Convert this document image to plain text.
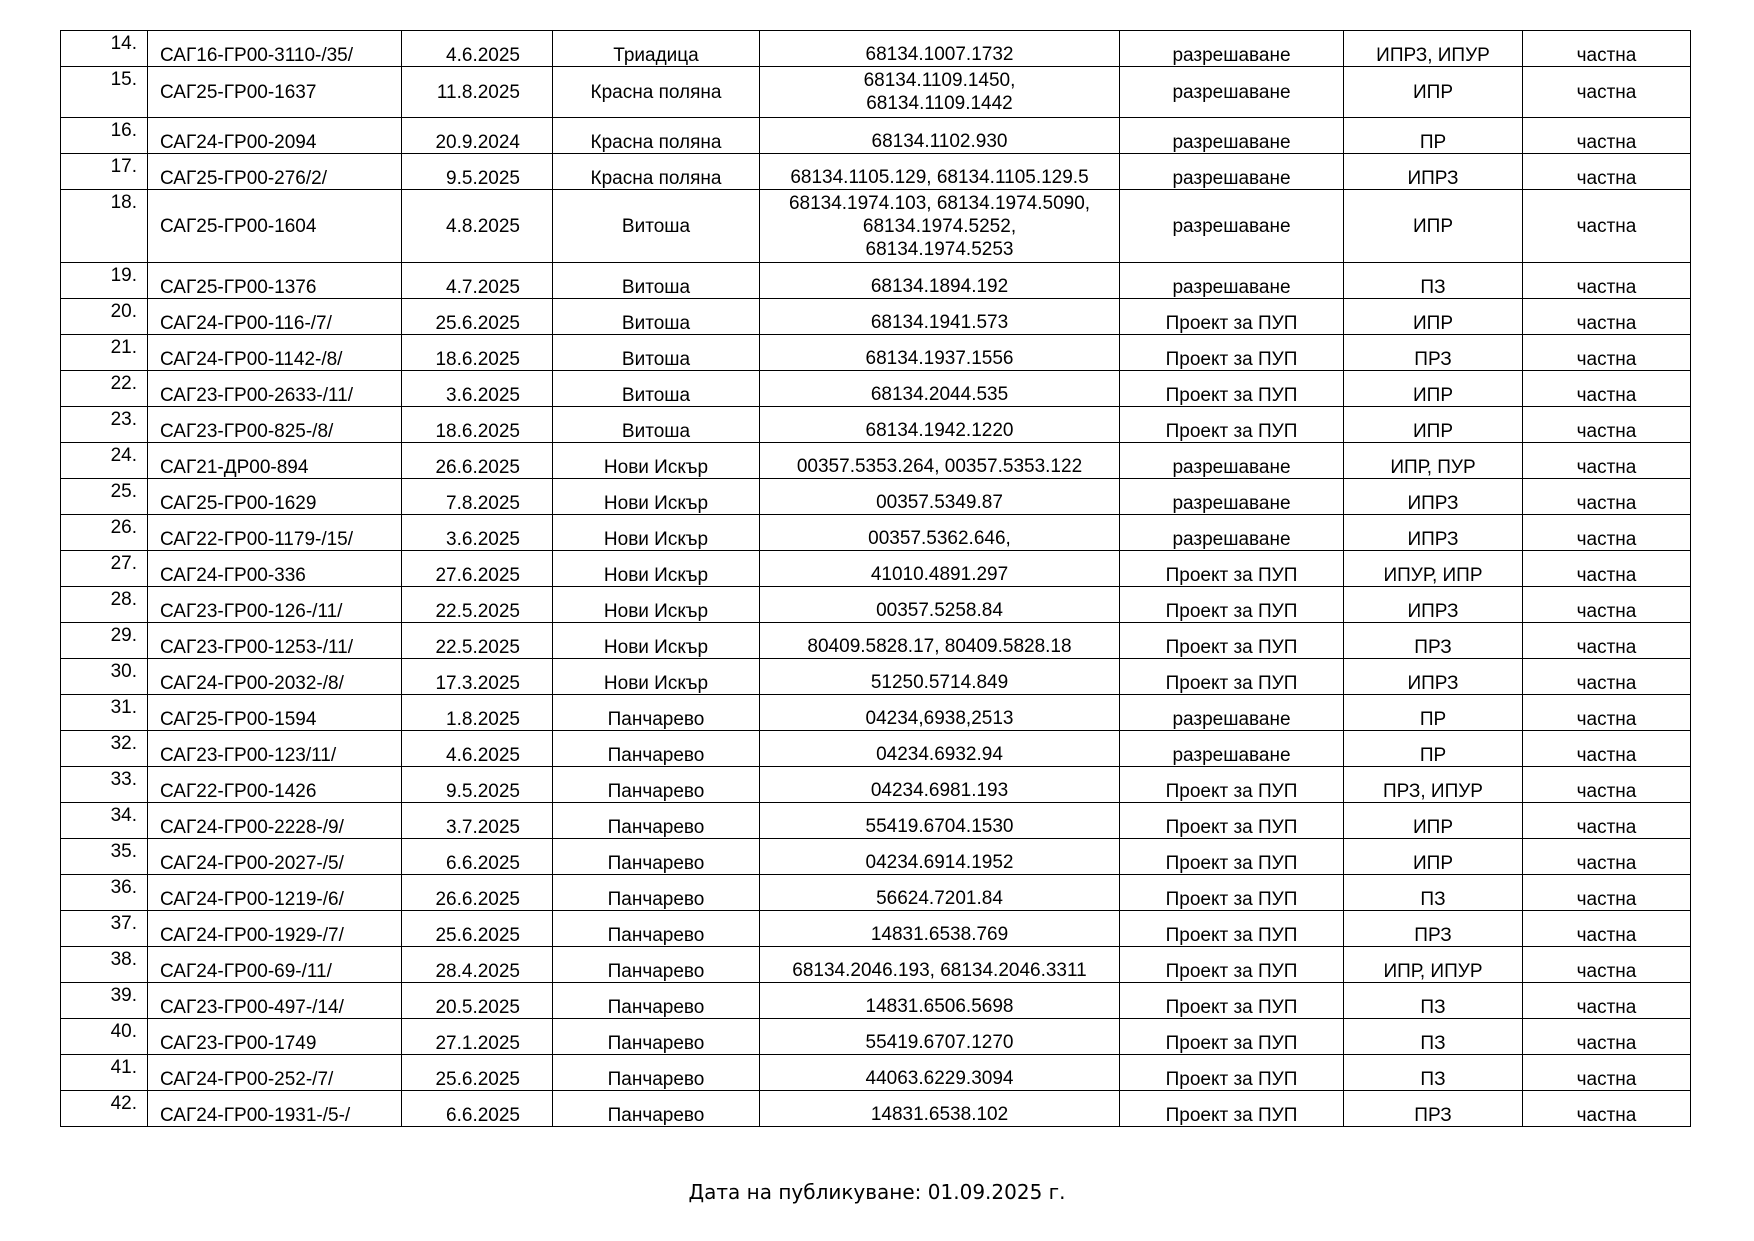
14.	САГ16-ГР00-3110-/35/	4.6.2025	Триадица	68134.1007.1732	разрешаване	ИПРЗ, ИПУР	частна
15.	САГ25-ГР00-1637	11.8.2025	Красна поляна	68134.1109.1450,
68134.1109.1442	разрешаване	ИПР	частна
16.	САГ24-ГР00-2094	20.9.2024	Красна поляна	68134.1102.930	разрешаване	ПР	частна
17.	САГ25-ГР00-276/2/	9.5.2025	Красна поляна	68134.1105.129, 68134.1105.129.5	разрешаване	ИПРЗ	частна
18.	САГ25-ГР00-1604	4.8.2025	Витоша	68134.1974.103, 68134.1974.5090,
68134.1974.5252,
68134.1974.5253	разрешаване	ИПР	частна
19.	САГ25-ГР00-1376	4.7.2025	Витоша	68134.1894.192	разрешаване	ПЗ	частна
20.	САГ24-ГР00-116-/7/	25.6.2025	Витоша	68134.1941.573	Проект за ПУП	ИПР	частна
21.	САГ24-ГР00-1142-/8/	18.6.2025	Витоша	68134.1937.1556	Проект за ПУП	ПРЗ	частна
22.	САГ23-ГР00-2633-/11/	3.6.2025	Витоша	68134.2044.535	Проект за ПУП	ИПР	частна
23.	САГ23-ГР00-825-/8/	18.6.2025	Витоша	68134.1942.1220	Проект за ПУП	ИПР	частна
24.	САГ21-ДР00-894	26.6.2025	Нови Искър	00357.5353.264, 00357.5353.122	разрешаване	ИПР, ПУР	частна
25.	САГ25-ГР00-1629	7.8.2025	Нови Искър	00357.5349.87	разрешаване	ИПРЗ	частна
26.	САГ22-ГР00-1179-/15/	3.6.2025	Нови Искър	00357.5362.646,	разрешаване	ИПРЗ	частна
27.	САГ24-ГР00-336	27.6.2025	Нови Искър	41010.4891.297	Проект за ПУП	ИПУР, ИПР	частна
28.	САГ23-ГР00-126-/11/	22.5.2025	Нови Искър	00357.5258.84	Проект за ПУП	ИПРЗ	частна
29.	САГ23-ГР00-1253-/11/	22.5.2025	Нови Искър	80409.5828.17, 80409.5828.18	Проект за ПУП	ПРЗ	частна
30.	САГ24-ГР00-2032-/8/	17.3.2025	Нови Искър	51250.5714.849	Проект за ПУП	ИПРЗ	частна
31.	САГ25-ГР00-1594	1.8.2025	Панчарево	04234,6938,2513	разрешаване	ПР	частна
32.	САГ23-ГР00-123/11/	4.6.2025	Панчарево	04234.6932.94	разрешаване	ПР	частна
33.	САГ22-ГР00-1426	9.5.2025	Панчарево	04234.6981.193	Проект за ПУП	ПРЗ, ИПУР	частна
34.	САГ24-ГР00-2228-/9/	3.7.2025	Панчарево	55419.6704.1530	Проект за ПУП	ИПР	частна
35.	САГ24-ГР00-2027-/5/	6.6.2025	Панчарево	04234.6914.1952	Проект за ПУП	ИПР	частна
36.	САГ24-ГР00-1219-/6/	26.6.2025	Панчарево	56624.7201.84	Проект за ПУП	ПЗ	частна
37.	САГ24-ГР00-1929-/7/	25.6.2025	Панчарево	14831.6538.769	Проект за ПУП	ПРЗ	частна
38.	САГ24-ГР00-69-/11/	28.4.2025	Панчарево	68134.2046.193, 68134.2046.3311	Проект за ПУП	ИПР, ИПУР	частна
39.	САГ23-ГР00-497-/14/	20.5.2025	Панчарево	14831.6506.5698	Проект за ПУП	ПЗ	частна
40.	САГ23-ГР00-1749	27.1.2025	Панчарево	55419.6707.1270	Проект за ПУП	ПЗ	частна
41.	САГ24-ГР00-252-/7/	25.6.2025	Панчарево	44063.6229.3094	Проект за ПУП	ПЗ	частна
42.	САГ24-ГР00-1931-/5-/	6.6.2025	Панчарево	14831.6538.102	Проект за ПУП	ПРЗ	частна
Дата на публикуване: 01.09.2025 г.
